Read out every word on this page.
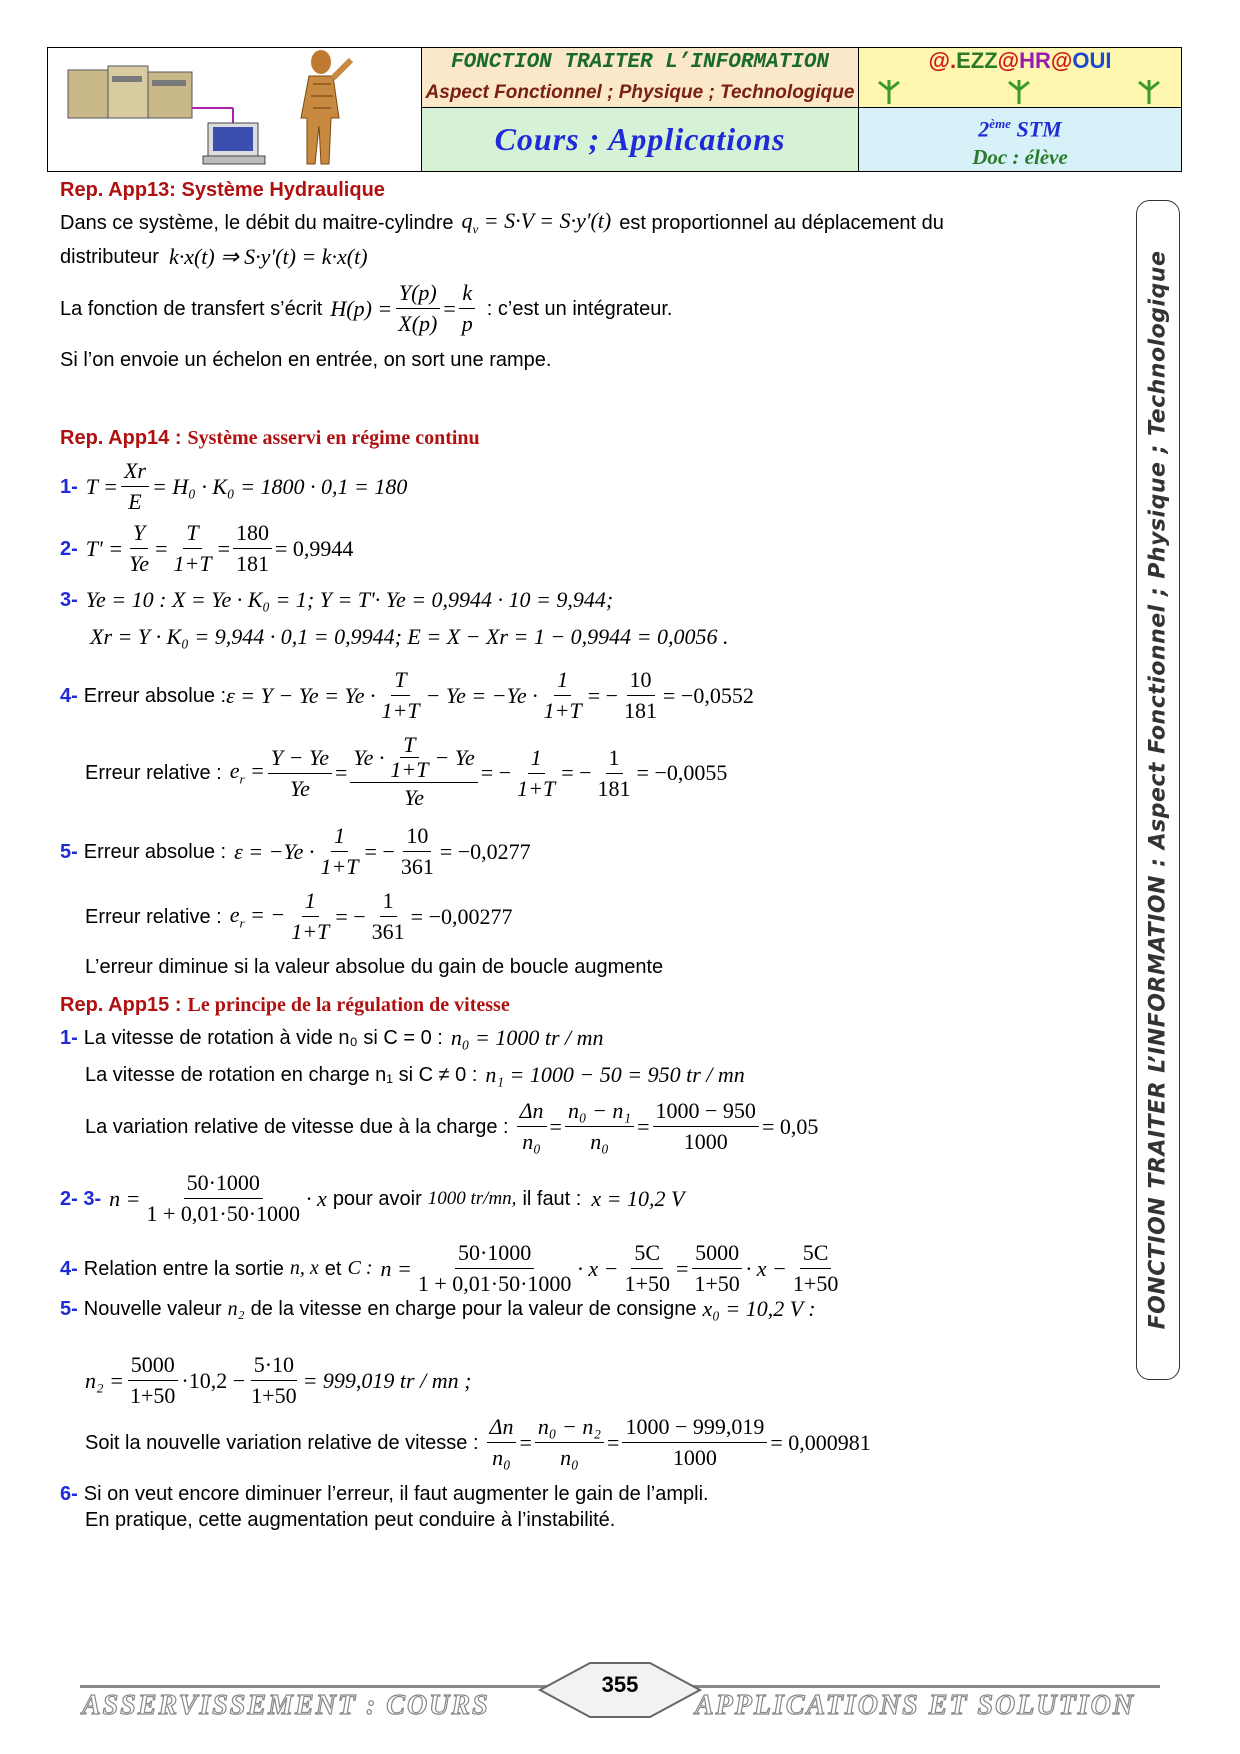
FONCTION TRAITER L’INFORMATION
Aspect Fonctionnel ; Physique ; Technologique
Cours ; Applications
@.EZZ@HR@OUI
2ème STM
Doc : élève
FONCTION TRAITER L’INFORMATION : Aspect Fonctionnel ; Physique ; Technologique
Rep. App13: Système Hydraulique
Dans ce système, le débit du maitre-cylindre $q_v = S\cdot V = S\cdot y'(t)$ est proportionnel au déplacement du
distributeur k·x(t) ⇒ S·y'(t) = k·x(t)
La fonction de transfert s’écrit $H(p) = \frac{Y(p)}{X(p)} = \frac{k}{p}$ : c’est un intégrateur.
Si l’on envoie un échelon en entrée, on sort une rampe.
Rep. App14 : Système asservi en régime continu
1- $T = \frac{Xr}{E} = H_0 \cdot K_0 = 1800 \cdot 0,1 = 180$
2- $T' = \frac{Y}{Ye} = \frac{T}{1+T} = \frac{180}{181} = 0,9944$
3- Ye = 10 : X = Ye · K₀ = 1; Y = T'· Ye = 0,9944 · 10 = 9,944;
Xr = Y · K₀ = 9,944 · 0,1 = 0,9944; E = X − Xr = 1 − 0,9944 = 0,0056 .
4- Erreur absolue : $\varepsilon = Y - Ye = Ye \cdot \frac{T}{1+T} - Ye = -Ye \cdot \frac{1}{1+T}$ = − $\frac{10}{181} = -0,0552$
Erreur relative : $e_r = \frac{Y - Ye}{Ye} = \frac{Ye \cdot \frac{T}{1+T} - Ye}{Ye}$ = − $\frac{1}{1+T}$ = − $\frac{1}{181} = -0,0055$
5- Erreur absolue : $\varepsilon = -Ye \cdot \frac{1}{1+T}$ = − $\frac{10}{361} = -0,0277$
Erreur relative : $e_r$ = − $\frac{1}{1+T}$ = − $\frac{1}{361} = -0,00277$
L’erreur diminue si la valeur absolue du gain de boucle augmente
Rep. App15 : Le principe de la régulation de vitesse
1- La vitesse de rotation à vide n₀ si C = 0 : n₀ = 1000 tr / mn
La vitesse de rotation en charge n₁ si C ≠ 0 : n₁ = 1000 − 50 = 950 tr / mn
La variation relative de vitesse due à la charge : $\frac{\Delta n}{\text{n₀}} = \frac{\text{n₀ − n₁}}{\text{n₀}} = \frac{1000 - 950}{1000} = 0,05$
2- 3- $n = \frac{50\cdot 1000}{1 + 0,01\cdot 50\cdot 1000} \cdot x$ pour avoir 1000 tr/mn, il faut : x = 10,2 V
4- Relation entre la sortie n, x et C : $n = \frac{50\cdot 1000}{1 + 0,01\cdot 50\cdot 1000} \cdot x - \frac{5C}{1+50} = \frac{5000}{1+50} \cdot x - \frac{5C}{1+50}$
5- Nouvelle valeur n₂ de la vitesse en charge pour la valeur de consigne x₀ = 10,2 V :
$n_2 = \frac{5000}{1+50} \cdot 10,2 - \frac{5\cdot 10}{1+50} = 999,019$ tr / mn ;
Soit la nouvelle variation relative de vitesse : $\frac{\Delta n}{\text{n₀}} = \frac{\text{n₀ − n₂}}{\text{n₀}} = \frac{1000 - 999,019}{1000} = 0,000981$
6- Si on veut encore diminuer l’erreur, il faut augmenter le gain de l’ampli.
En pratique, cette augmentation peut conduire à l’instabilité.
355
ASSERVISSEMENT : COURS	APPLICATIONS ET SOLUTION
